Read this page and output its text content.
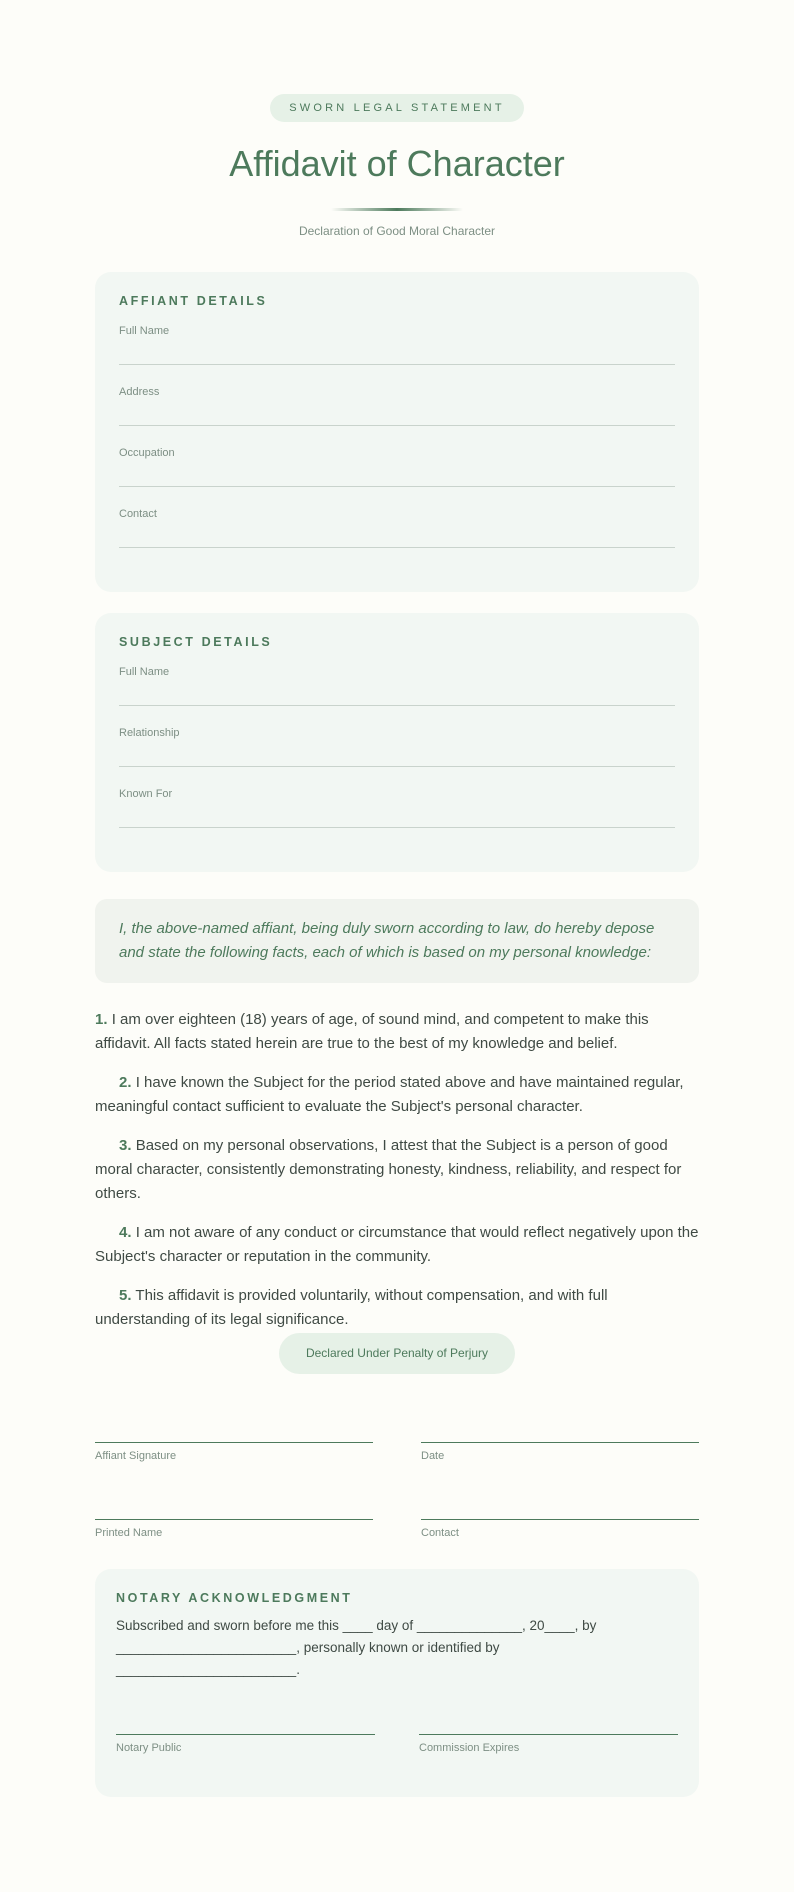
SWORN LEGAL STATEMENT
Affidavit of Character
Declaration of Good Moral Character
AFFIANT DETAILS
Full Name
Address
Occupation
Contact
SUBJECT DETAILS
Full Name
Relationship
Known For
I, the above-named affiant, being duly sworn according to law, do hereby depose and state the following facts, each of which is based on my personal knowledge:

1. I am over eighteen (18) years of age, of sound mind, and competent to make this affidavit. All facts stated herein are true to the best of my knowledge and belief.

2. I have known the Subject for the period stated above and have maintained regular, meaningful contact sufficient to evaluate the Subject's personal character.

3. Based on my personal observations, I attest that the Subject is a person of good moral character, consistently demonstrating honesty, kindness, reliability, and respect for others.

4. I am not aware of any conduct or circumstance that would reflect negatively upon the Subject's character or reputation in the community.

5. This affidavit is provided voluntarily, without compensation, and with full understanding of its legal significance.

Declared Under Penalty of Perjury
Affiant Signature	Date
Printed Name	Contact
NOTARY ACKNOWLEDGMENT

Subscribed and sworn before me this ____ day of ______________, 20____, by ________________________, personally known or identified by ________________________.

Notary Public	Commission Expires
